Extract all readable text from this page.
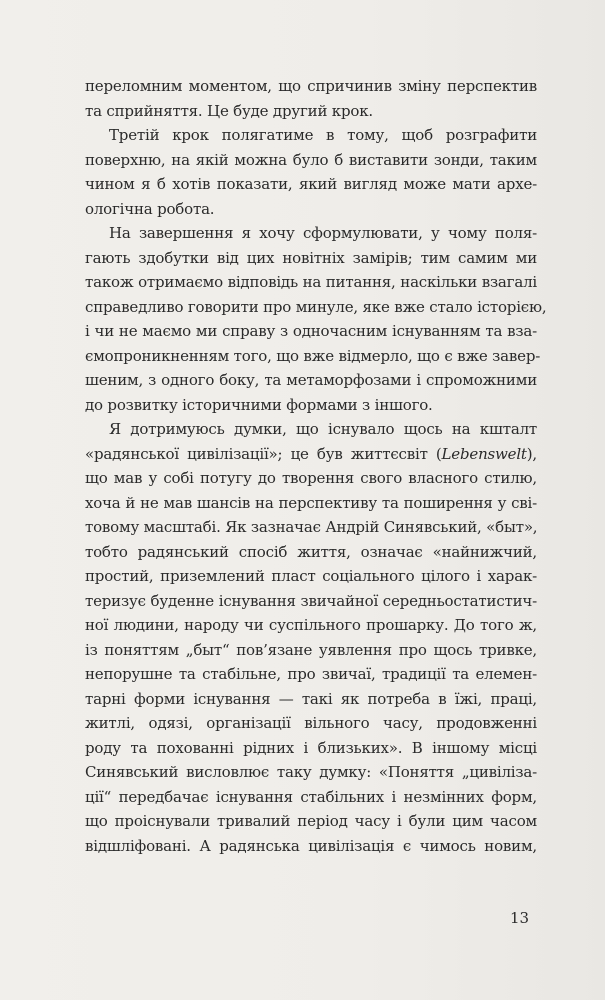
переломним моментом, що спричинив зміну перспектив
та сприйняття. Це буде другий крок.
Третій крок полягатиме в тому, щоб розграфити
поверхню, на якій можна було б виставити зонди, таким
чином я б хотів показати, який вигляд може мати архе-
ологічна робота.
На завершення я хочу сформулювати, у чому поля-
гають здобутки від цих новітніх замірів; тим самим ми
також отримаємо відповідь на питання, наскільки взагалі
справедливо говорити про минуле, яке вже стало історією,
і чи не маємо ми справу з одночасним існуванням та вза-
ємопроникненням того, що вже відмерло, що є вже завер-
шеним, з одного боку, та метаморфозами і спроможними
до розвитку історичними формами з іншого.
Я дотримуюсь думки, що існувало щось на кшталт
«радянської цивілізації»; це був життєсвіт (Lebenswelt),
що мав у собі потугу до творення свого власного стилю,
хоча й не мав шансів на перспективу та поширення у сві-
товому масштабі. Як зазначає Андрій Синявський, «быт»,
тобто радянський спосіб життя, означає «найнижчий,
простий, приземлений пласт соціального цілого і харак-
теризує буденне існування звичайної середньостатистич-
ної людини, народу чи суспільного прошарку. До того ж,
із поняттям „быт“ пов’язане уявлення про щось тривке,
непорушне та стабільне, про звичаї, традиції та елемен-
тарні форми існування — такі як потреба в їжі, праці,
житлі, одязі, організації вільного часу, продовженні
роду та похованні рідних і близьких». В іншому місці
Синявський висловлює таку думку: «Поняття „цивіліза-
ції“ передбачає існування стабільних і незмінних форм,
що проіснували тривалий період часу і були цим часом
відшліфовані. А радянська цивілізація є чимось новим,
13
